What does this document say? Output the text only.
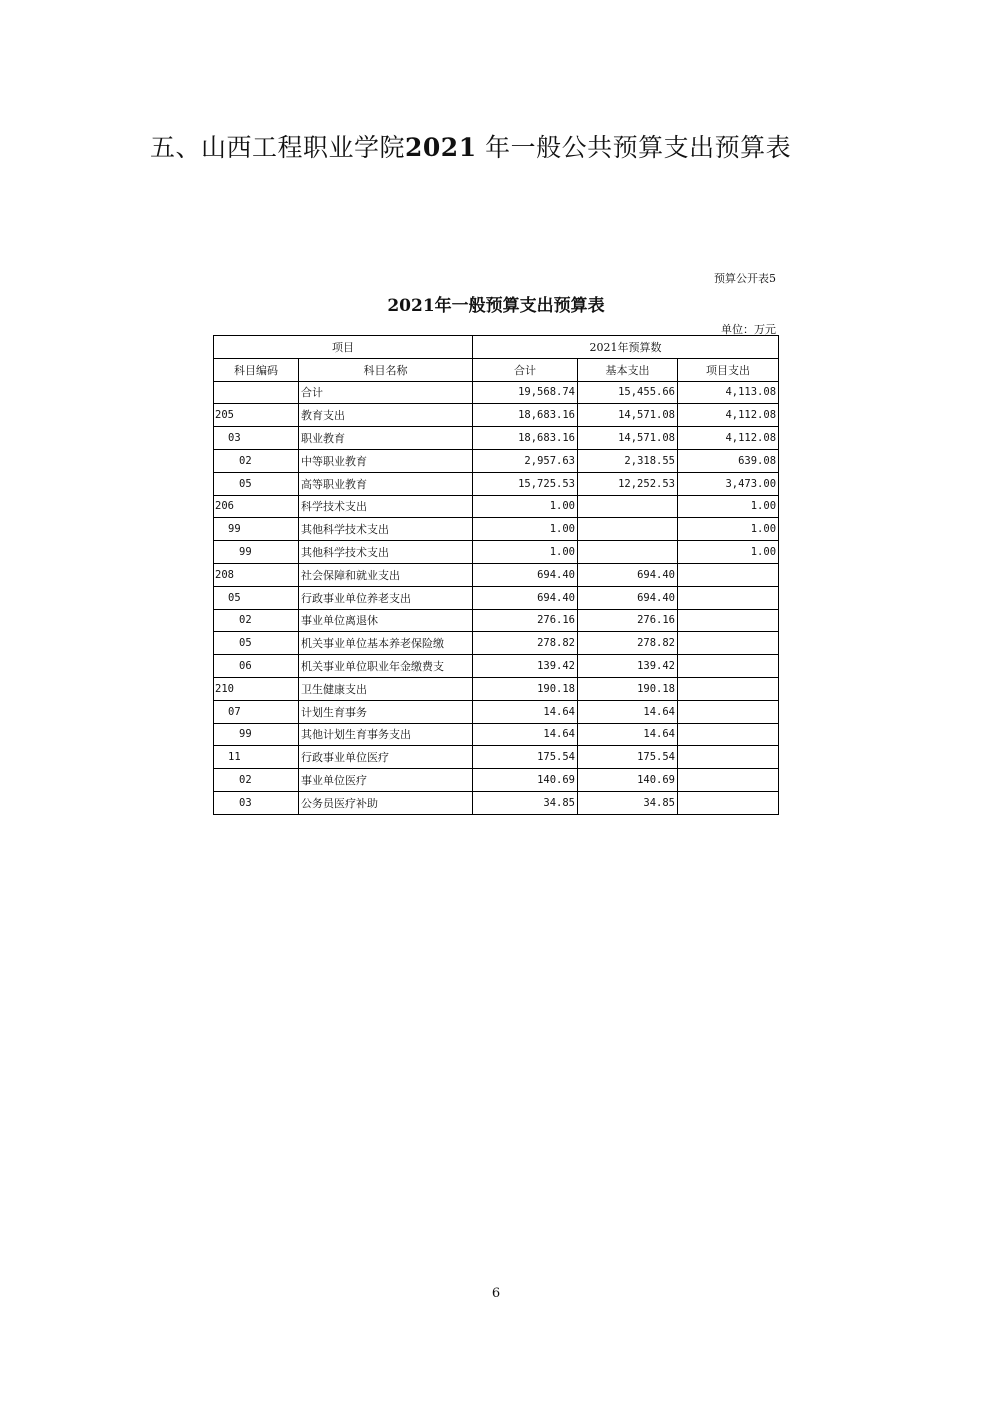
五、山西工程职业学院2021 年一般公共预算支出预算表
预算公开表5
2021年一般预算支出预算表
单位：万元
项目		2021年预算数		
科目编码	科目名称	合计	基本支出	项目支出
	合计	19,568.74	15,455.66	4,113.08
205	教育支出	18,683.16	14,571.08	4,112.08
03	职业教育	18,683.16	14,571.08	4,112.08
02	中等职业教育	2,957.63	2,318.55	639.08
05	高等职业教育	15,725.53	12,252.53	3,473.00
206	科学技术支出	1.00		1.00
99	其他科学技术支出	1.00		1.00
99	其他科学技术支出	1.00		1.00
208	社会保障和就业支出	694.40	694.40	
05	行政事业单位养老支出	694.40	694.40	
02	事业单位离退休	276.16	276.16	
05	机关事业单位基本养老保险缴	278.82	278.82	
06	机关事业单位职业年金缴费支	139.42	139.42	
210	卫生健康支出	190.18	190.18	
07	计划生育事务	14.64	14.64	
99	其他计划生育事务支出	14.64	14.64	
11	行政事业单位医疗	175.54	175.54	
02	事业单位医疗	140.69	140.69	
03	公务员医疗补助	34.85	34.85	
6
